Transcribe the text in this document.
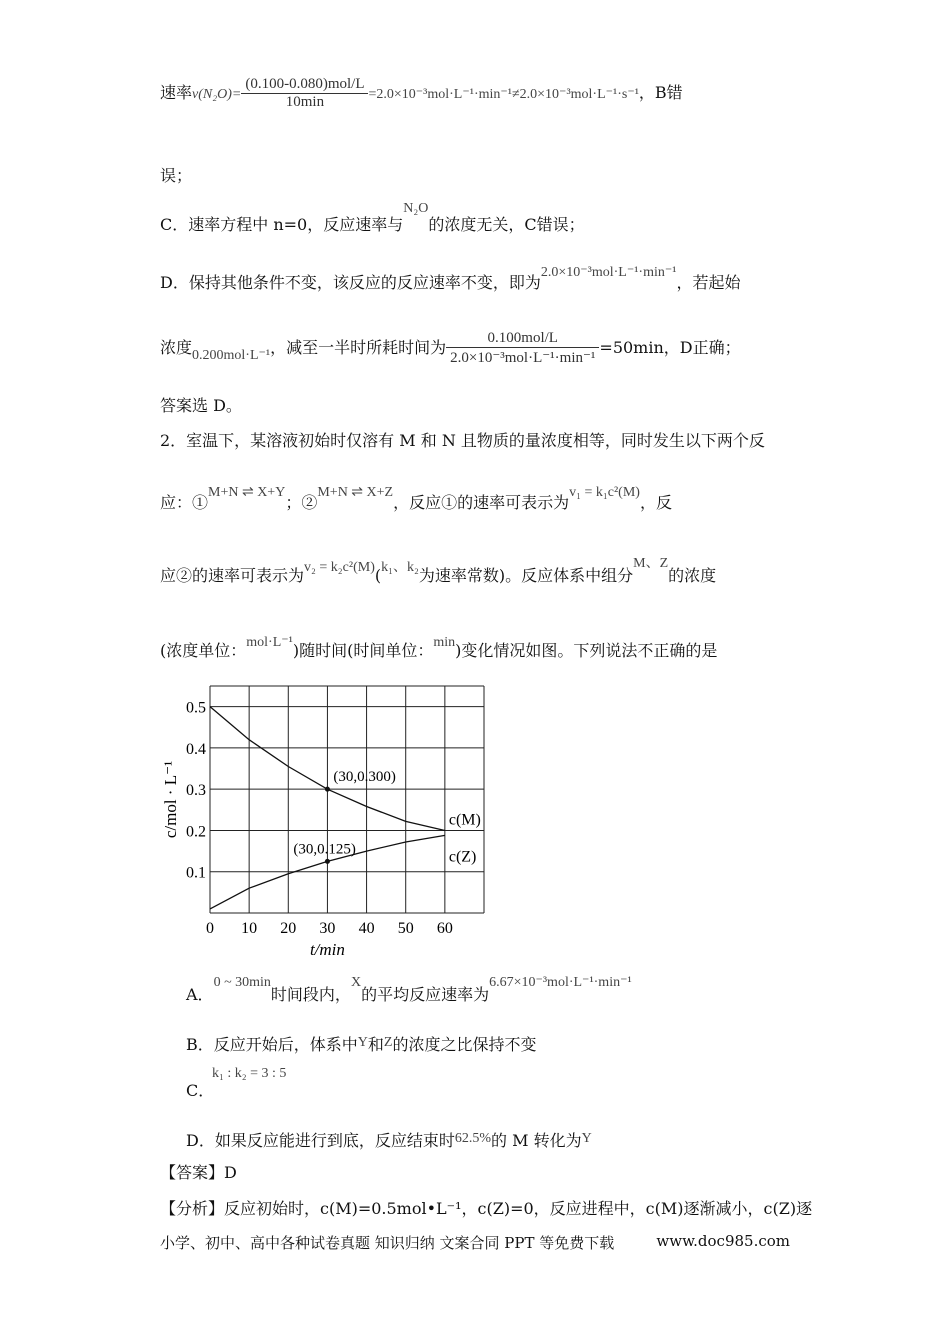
速率$v(N_2O)= \frac{\text{(0.100-0.080)mol/L}}{10\min} =2.0\times 10^{-3}mol\cdot L^{-1}\cdot\min^{-1}\ne 2.0\times 10^{-3}mol\cdot L^{-1}\cdot s^{-1}$，B错
误；
C．速率方程中 n=0，反应速率与N₂O的浓度无关，C错误；
D．保持其他条件不变，该反应的反应速率不变，即为2.0×10⁻³mol·L⁻¹·min⁻¹，若起始
浓度0.200mol·L⁻¹，减至一半时所耗时间为 $\frac{\text{0.100mol/L}}{\text{2.0×10⁻³mol·L⁻¹·min⁻¹}} =50\min$，D正确；
答案选 D。
2．室温下，某溶液初始时仅溶有 M 和 N 且物质的量浓度相等，同时发生以下两个反
应：①M+N ⇌ X+Y；②M+N ⇌ X+Z，反应①的速率可表示为v₁ = k₁c²(M)，反
应②的速率可表示为v₂ = k₂c²(M)(k₁、k₂为速率常数)。反应体系中组分M、Z的浓度
(浓度单位：mol·L⁻¹)随时间(时间单位：min)变化情况如图。下列说法不正确的是
0 10 20 30 40 50 60
0.1
0.2
0.3
0.4
0.5
t/min
c/mol · L⁻¹	c(M)
c(Z)
(30,0.300)
(30,0.125)
A．0 ~ 30min时间段内，X的平均反应速率为6.67×10⁻³mol·L⁻¹·min⁻¹
B．反应开始后，体系中Y和Z的浓度之比保持不变
k₁ : k₂ = 3 : 5
C．
D．如果反应能进行到底，反应结束时62.5%的 M 转化为Y
【答案】D
【分析】反应初始时，c(M)=0.5mol•L⁻¹，c(Z)=0，反应进程中，c(M)逐渐减小，c(Z)逐
小学、初中、高中各种试卷真题 知识归纳 文案合同 PPT 等免费下载	www.doc985.com
